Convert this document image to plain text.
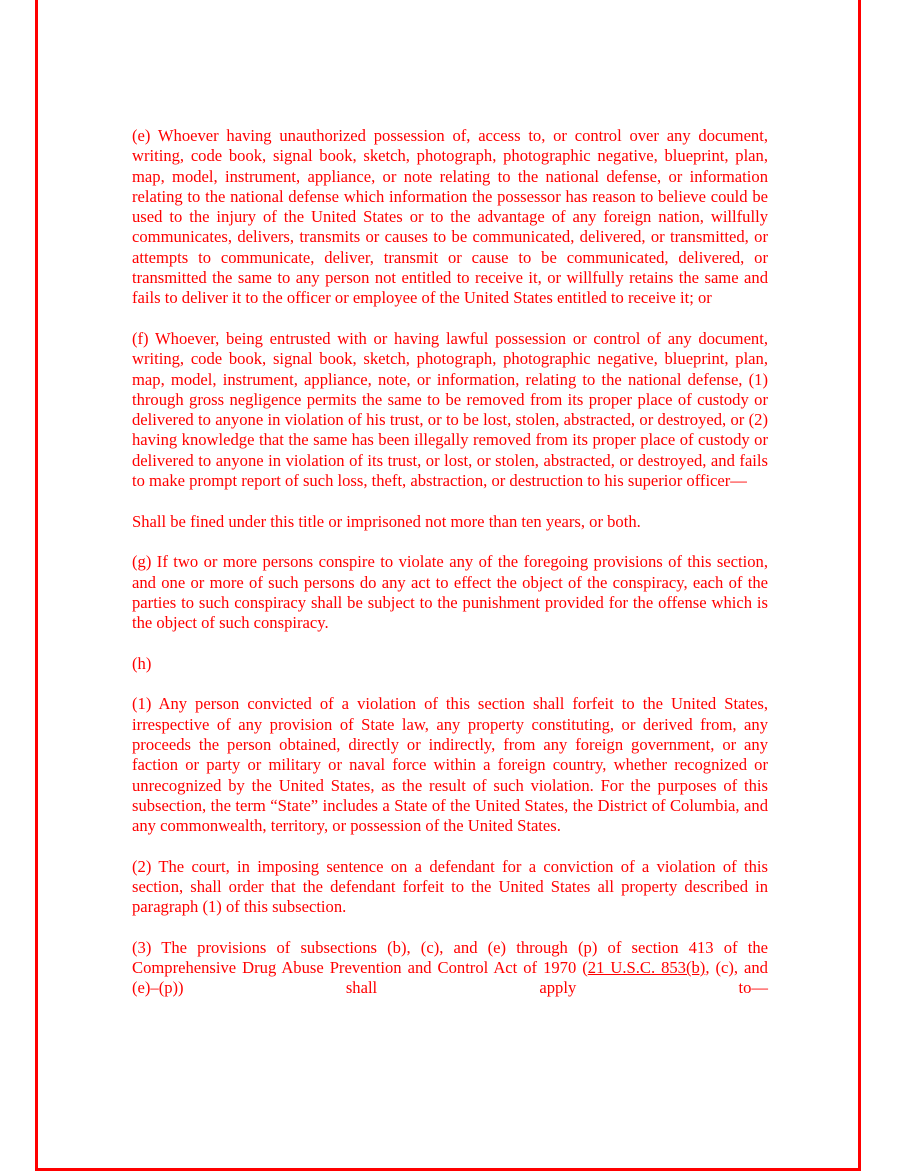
(e) Whoever having unauthorized possession of, access to, or control over any document, writing, code book, signal book, sketch, photograph, photographic negative, blueprint, plan, map, model, instrument, appliance, or note relating to the national defense, or information relating to the national defense which information the possessor has reason to believe could be used to the injury of the United States or to the advantage of any foreign nation, willfully communicates, delivers, transmits or causes to be communicated, delivered, or transmitted, or attempts to communicate, deliver, transmit or cause to be communicated, delivered, or transmitted the same to any person not entitled to receive it, or willfully retains the same and fails to deliver it to the officer or employee of the United States entitled to receive it; or

(f) Whoever, being entrusted with or having lawful possession or control of any document, writing, code book, signal book, sketch, photograph, photographic negative, blueprint, plan, map, model, instrument, appliance, note, or information, relating to the national defense, (1) through gross negligence permits the same to be removed from its proper place of custody or delivered to anyone in violation of his trust, or to be lost, stolen, abstracted, or destroyed, or (2) having knowledge that the same has been illegally removed from its proper place of custody or delivered to anyone in violation of its trust, or lost, or stolen, abstracted, or destroyed, and fails to make prompt report of such loss, theft, abstraction, or destruction to his superior officer—

Shall be fined under this title or imprisoned not more than ten years, or both.

(g) If two or more persons conspire to violate any of the foregoing provisions of this section, and one or more of such persons do any act to effect the object of the conspiracy, each of the parties to such conspiracy shall be subject to the punishment provided for the offense which is the object of such conspiracy.

(h)

(1) Any person convicted of a violation of this section shall forfeit to the United States, irrespective of any provision of State law, any property constituting, or derived from, any proceeds the person obtained, directly or indirectly, from any foreign government, or any faction or party or military or naval force within a foreign country, whether recognized or unrecognized by the United States, as the result of such violation. For the purposes of this subsection, the term “State” includes a State of the United States, the District of Columbia, and any commonwealth, territory, or possession of the United States.

(2) The court, in imposing sentence on a defendant for a conviction of a violation of this section, shall order that the defendant forfeit to the United States all property described in paragraph (1) of this subsection.

(3) The provisions of subsections (b), (c), and (e) through (p) of section 413 of the Comprehensive Drug Abuse Prevention and Control Act of 1970 (21 U.S.C. 853(b), (c), and (e)–(p)) shall apply to—
